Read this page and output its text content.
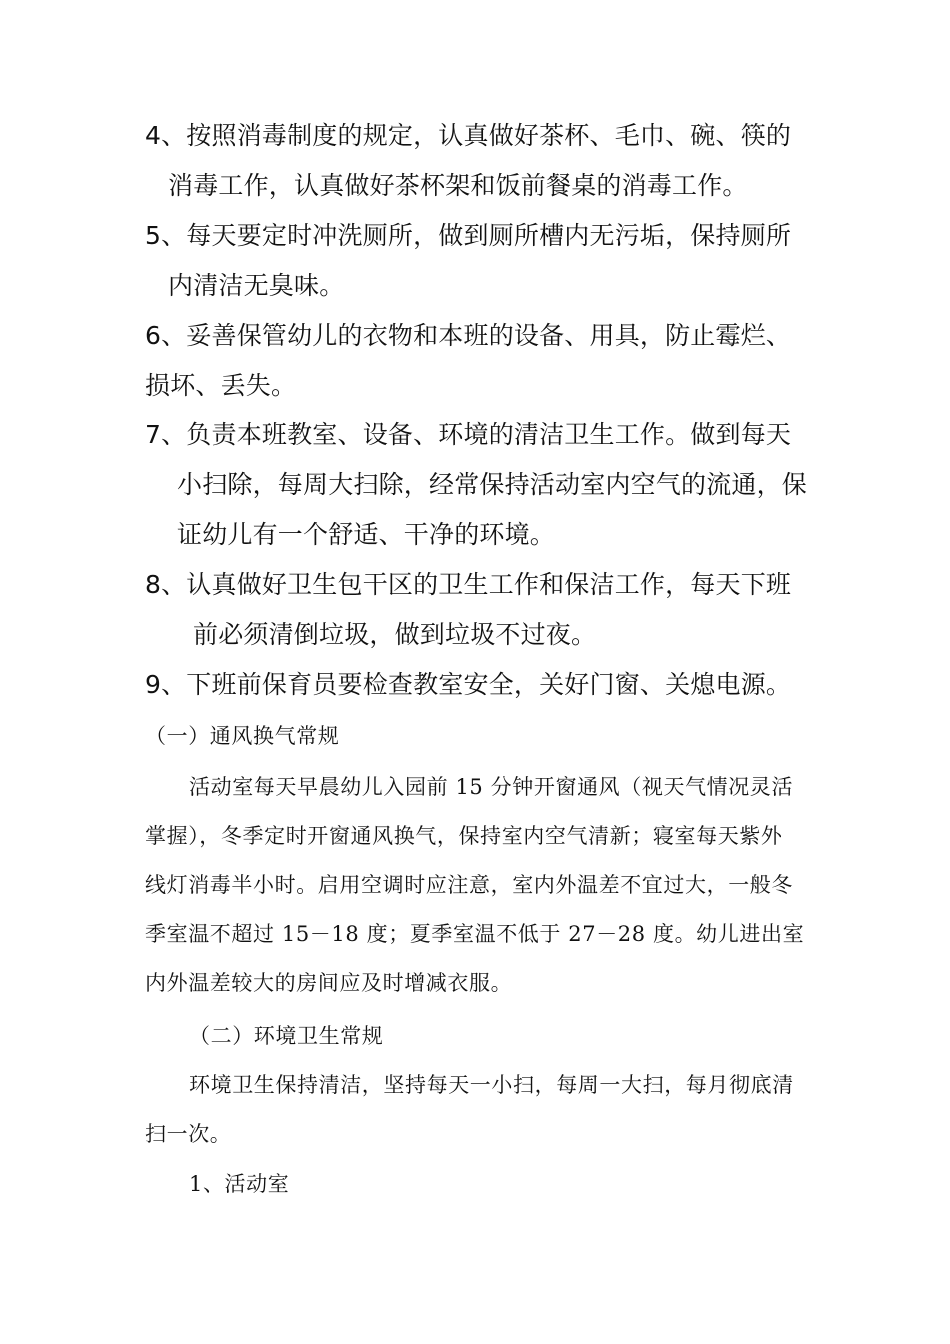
4、按照消毒制度的规定，认真做好茶杯、毛巾、碗、筷的

消毒工作，认真做好茶杯架和饭前餐桌的消毒工作。

5、每天要定时冲洗厕所，做到厕所槽内无污垢，保持厕所

内清洁无臭味。

6、妥善保管幼儿的衣物和本班的设备、用具，防止霉烂、

损坏、丢失。

7、负责本班教室、设备、环境的清洁卫生工作。做到每天

小扫除，每周大扫除，经常保持活动室内空气的流通，保

证幼儿有一个舒适、干净的环境。

8、认真做好卫生包干区的卫生工作和保洁工作，每天下班

前必须清倒垃圾，做到垃圾不过夜。

9、下班前保育员要检查教室安全，关好门窗、关熄电源。

（一）通风换气常规

活动室每天早晨幼儿入园前 15 分钟开窗通风（视天气情况灵活

掌握），冬季定时开窗通风换气，保持室内空气清新；寝室每天紫外

线灯消毒半小时。启用空调时应注意，室内外温差不宜过大，一般冬

季室温不超过 15－18 度；夏季室温不低于 27－28 度。幼儿进出室

内外温差较大的房间应及时增减衣服。

（二）环境卫生常规

环境卫生保持清洁，坚持每天一小扫，每周一大扫，每月彻底清

扫一次。

1、活动室
